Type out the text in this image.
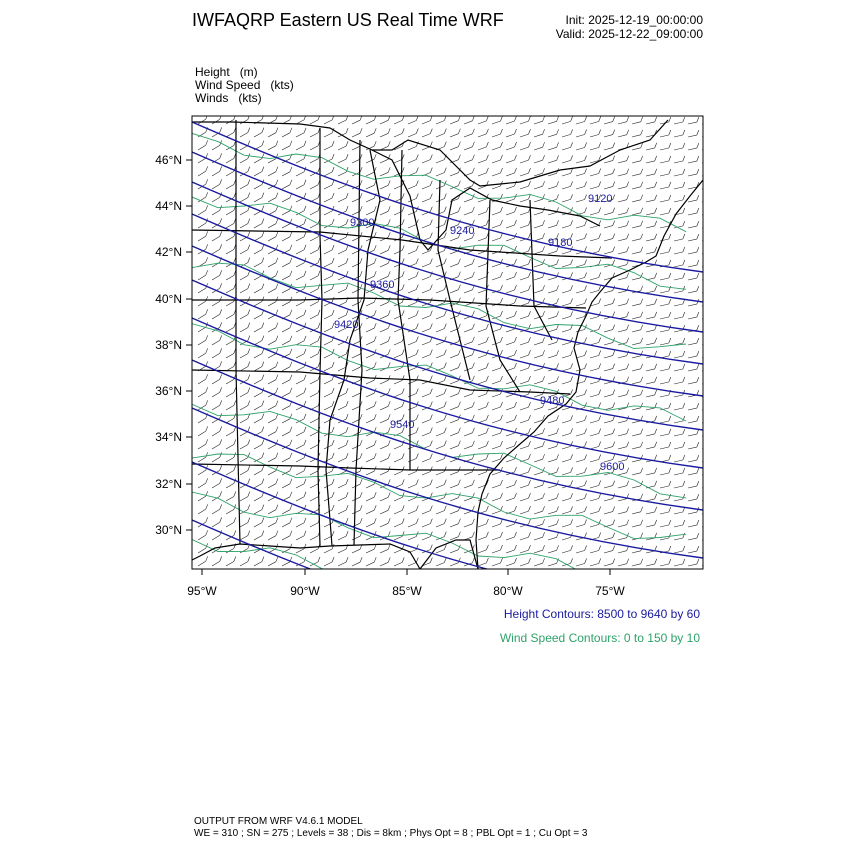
IWFAQRP Eastern US Real Time WRF	Init: 2025-12-19_00:00:00
Valid: 2025-12-22_09:00:00
Height   (m)
Wind Speed   (kts)
Winds   (kts)
46°N
44°N
42°N
40°N
38°N
36°N
34°N
32°N
30°N
95°W	90°W	85°W	80°W	75°W
9120
9180
9240
9300
9360
9420
9480
9540
9600
Height Contours: 8500 to 9640 by 60
Wind Speed Contours: 0 to 150 by 10
OUTPUT FROM WRF V4.6.1 MODEL
WE = 310 ; SN = 275 ; Levels = 38 ; Dis = 8km ; Phys Opt = 8 ; PBL Opt = 1 ; Cu Opt = 3
